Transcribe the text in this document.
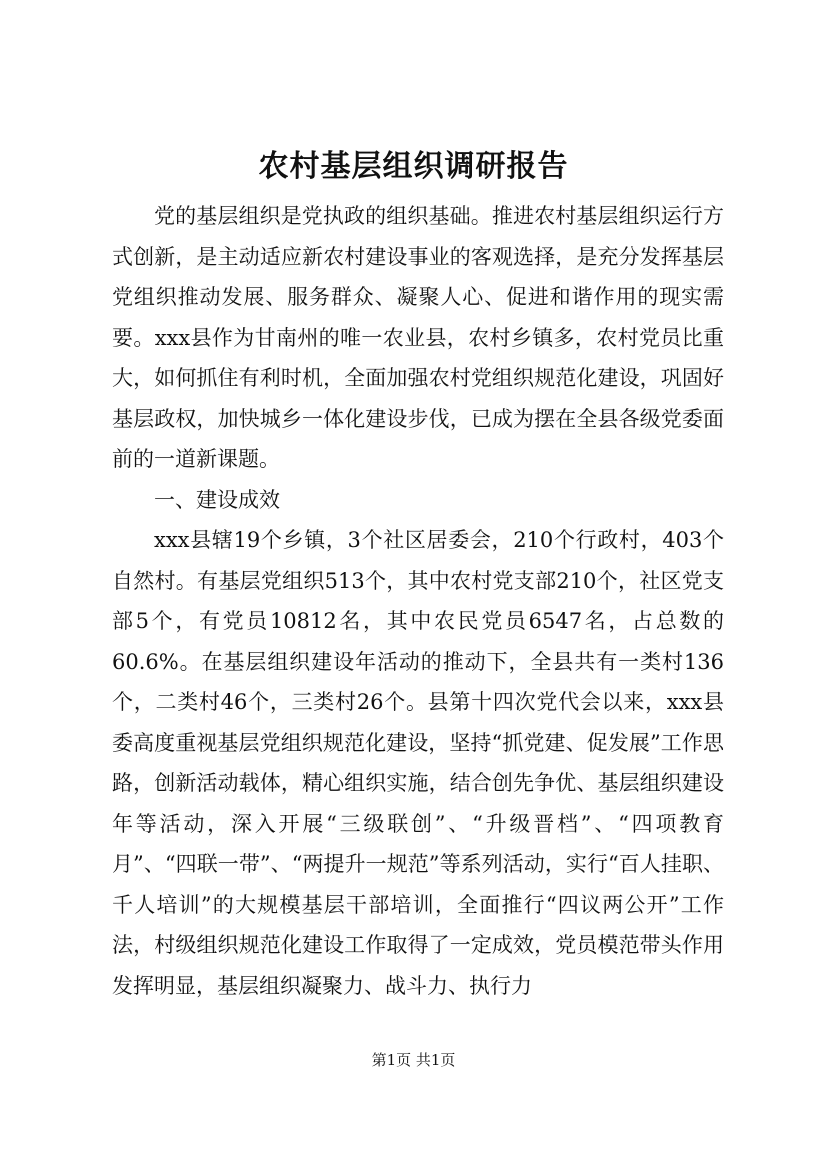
农村基层组织调研报告

党的基层组织是党执政的组织基础。推进农村基层组织运行方式创新，是主动适应新农村建设事业的客观选择，是充分发挥基层党组织推动发展、服务群众、凝聚人心、促进和谐作用的现实需要。xxx县作为甘南州的唯一农业县，农村乡镇多，农村党员比重大，如何抓住有利时机，全面加强农村党组织规范化建设，巩固好基层政权，加快城乡一体化建设步伐，已成为摆在全县各级党委面前的一道新课题。

一、建设成效

xxx县辖19个乡镇，3个社区居委会，210个行政村，403个自然村。有基层党组织513个，其中农村党支部210个，社区党支部5个，有党员10812名，其中农民党员6547名，占总数的60.6%。在基层组织建设年活动的推动下，全县共有一类村136个，二类村46个，三类村26个。县第十四次党代会以来，xxx县委高度重视基层党组织规范化建设，坚持“抓党建、促发展”工作思路，创新活动载体，精心组织实施，结合创先争优、基层组织建设年等活动，深入开展“三级联创”、“升级晋档”、“四项教育月”、“四联一带”、“两提升一规范”等系列活动，实行“百人挂职、千人培训”的大规模基层干部培训，全面推行“四议两公开”工作法，村级组织规范化建设工作取得了一定成效，党员模范带头作用发挥明显，基层组织凝聚力、战斗力、执行力

第1页 共1页
